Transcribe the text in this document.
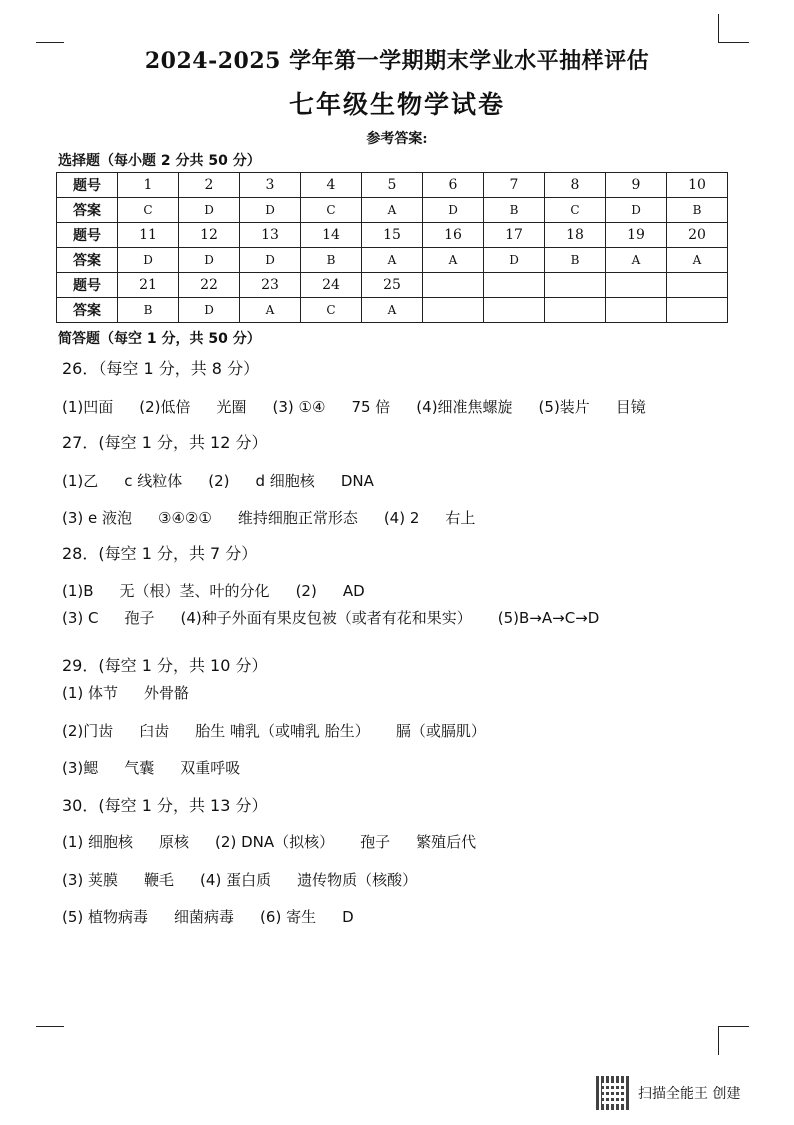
2024-2025 学年第一学期期末学业水平抽样评估
七年级生物学试卷
参考答案:
选择题（每小题 2 分共 50 分）
题号	1	2	3	4	5	6	7	8	9	10
答案	C	D	D	C	A	D	B	C	D	B
题号	11	12	13	14	15	16	17	18	19	20
答案	D	D	D	B	A	A	D	B	A	A
题号	21	22	23	24	25					
答案	B	D	A	C	A					
简答题（每空 1 分，共 50 分）
26．（每空 1 分，共 8 分）
(1)凹面 (2)低倍 光圈 (3) ①④ 75 倍 (4)细准焦螺旋 (5)装片 目镜
27．(每空 1 分，共 12 分）
(1)乙 c 线粒体 (2) d 细胞核 DNA
(3) e 液泡 ③④②① 维持细胞正常形态 (4) 2 右上
28．(每空 1 分，共 7 分）
(1)B 无（根）茎、叶的分化 (2) AD
(3) C 孢子 (4)种子外面有果皮包被（或者有花和果实） (5)B→A→C→D
29．(每空 1 分，共 10 分）
(1) 体节 外骨骼
(2)门齿 臼齿 胎生 哺乳（或哺乳 胎生） 膈（或膈肌）
(3)鳃 气囊 双重呼吸
30．(每空 1 分，共 13 分）
(1) 细胞核 原核 (2) DNA（拟核） 孢子 繁殖后代
(3) 荚膜 鞭毛 (4) 蛋白质 遗传物质（核酸）
(5) 植物病毒 细菌病毒 (6) 寄生 D
扫描全能王 创建
